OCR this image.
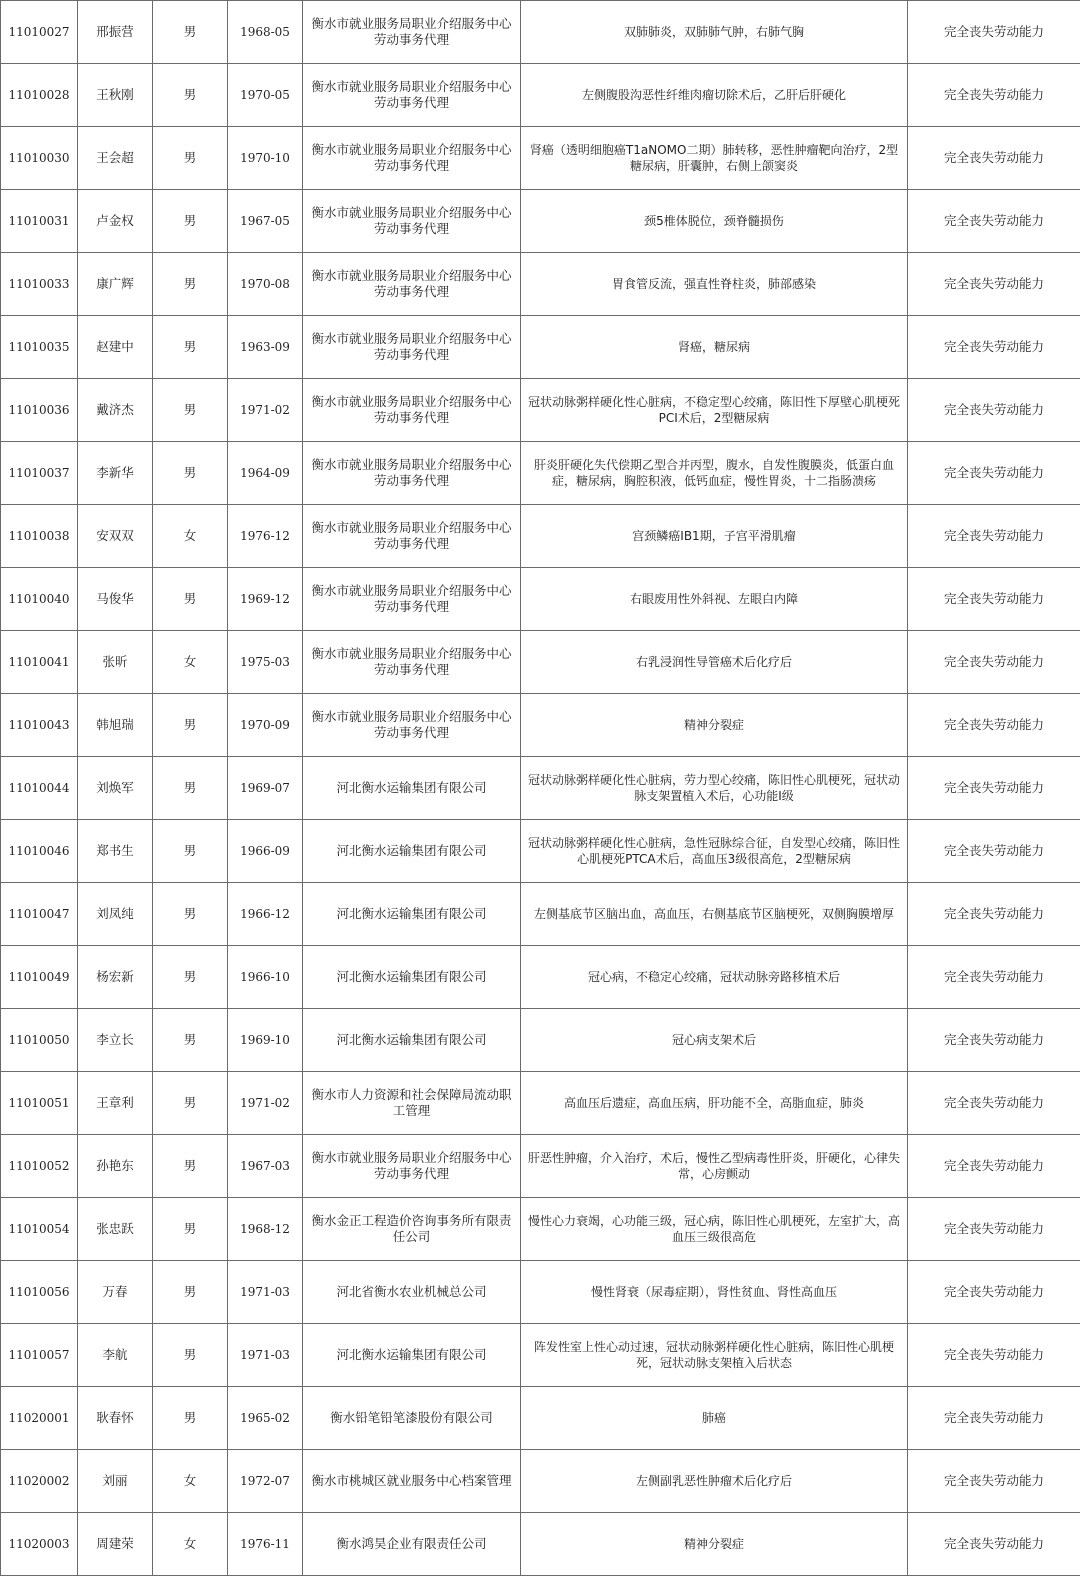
11010027	邢振营	男	1968-05	衡水市就业服务局职业介绍服务中心劳动事务代理	双肺肺炎，双肺肺气肿，右肺气胸	完全丧失劳动能力
11010028	王秋刚	男	1970-05	衡水市就业服务局职业介绍服务中心劳动事务代理	左侧腹股沟恶性纤维肉瘤切除术后，乙肝后肝硬化	完全丧失劳动能力
11010030	王会超	男	1970-10	衡水市就业服务局职业介绍服务中心劳动事务代理	肾癌（透明细胞癌T1aNOMO二期）肺转移，恶性肿瘤靶向治疗，2型糖尿病，肝囊肿，右侧上颌窦炎	完全丧失劳动能力
11010031	卢金权	男	1967-05	衡水市就业服务局职业介绍服务中心劳动事务代理	颈5椎体脱位，颈脊髓损伤	完全丧失劳动能力
11010033	康广辉	男	1970-08	衡水市就业服务局职业介绍服务中心劳动事务代理	胃食管反流，强直性脊柱炎，肺部感染	完全丧失劳动能力
11010035	赵建中	男	1963-09	衡水市就业服务局职业介绍服务中心劳动事务代理	肾癌，糖尿病	完全丧失劳动能力
11010036	戴济杰	男	1971-02	衡水市就业服务局职业介绍服务中心劳动事务代理	冠状动脉粥样硬化性心脏病，不稳定型心绞痛，陈旧性下厚壁心肌梗死PCI术后，2型糖尿病	完全丧失劳动能力
11010037	李新华	男	1964-09	衡水市就业服务局职业介绍服务中心劳动事务代理	肝炎肝硬化失代偿期乙型合并丙型，腹水，自发性腹膜炎，低蛋白血症，糖尿病，胸腔积液，低钙血症，慢性胃炎，十二指肠溃疡	完全丧失劳动能力
11010038	安双双	女	1976-12	衡水市就业服务局职业介绍服务中心劳动事务代理	宫颈鳞癌IB1期，子宫平滑肌瘤	完全丧失劳动能力
11010040	马俊华	男	1969-12	衡水市就业服务局职业介绍服务中心劳动事务代理	右眼废用性外斜视、左眼白内障	完全丧失劳动能力
11010041	张昕	女	1975-03	衡水市就业服务局职业介绍服务中心劳动事务代理	右乳浸润性导管癌术后化疗后	完全丧失劳动能力
11010043	韩旭瑞	男	1970-09	衡水市就业服务局职业介绍服务中心劳动事务代理	精神分裂症	完全丧失劳动能力
11010044	刘焕军	男	1969-07	河北衡水运输集团有限公司	冠状动脉粥样硬化性心脏病，劳力型心绞痛，陈旧性心肌梗死，冠状动脉支架置植入术后，心功能Ⅰ级	完全丧失劳动能力
11010046	郑书生	男	1966-09	河北衡水运输集团有限公司	冠状动脉粥样硬化性心脏病，急性冠脉综合征，自发型心绞痛，陈旧性心肌梗死PTCA术后，高血压3级很高危，2型糖尿病	完全丧失劳动能力
11010047	刘凤纯	男	1966-12	河北衡水运输集团有限公司	左侧基底节区脑出血，高血压，右侧基底节区脑梗死，双侧胸膜增厚	完全丧失劳动能力
11010049	杨宏新	男	1966-10	河北衡水运输集团有限公司	冠心病，不稳定心绞痛，冠状动脉旁路移植术后	完全丧失劳动能力
11010050	李立长	男	1969-10	河北衡水运输集团有限公司	冠心病支架术后	完全丧失劳动能力
11010051	王章利	男	1971-02	衡水市人力资源和社会保障局流动职工管理	高血压后遗症，高血压病，肝功能不全，高脂血症，肺炎	完全丧失劳动能力
11010052	孙艳东	男	1967-03	衡水市就业服务局职业介绍服务中心劳动事务代理	肝恶性肿瘤，介入治疗，术后，慢性乙型病毒性肝炎，肝硬化，心律失常，心房颤动	完全丧失劳动能力
11010054	张忠跃	男	1968-12	衡水金正工程造价咨询事务所有限责任公司	慢性心力衰竭，心功能三级，冠心病，陈旧性心肌梗死，左室扩大，高血压三级很高危	完全丧失劳动能力
11010056	万春	男	1971-03	河北省衡水农业机械总公司	慢性肾衰（尿毒症期），肾性贫血、肾性高血压	完全丧失劳动能力
11010057	李航	男	1971-03	河北衡水运输集团有限公司	阵发性室上性心动过速，冠状动脉粥样硬化性心脏病，陈旧性心肌梗死，冠状动脉支架植入后状态	完全丧失劳动能力
11020001	耿春怀	男	1965-02	衡水铅笔铅笔漆股份有限公司	肺癌	完全丧失劳动能力
11020002	刘丽	女	1972-07	衡水市桃城区就业服务中心档案管理	左侧副乳恶性肿瘤术后化疗后	完全丧失劳动能力
11020003	周建荣	女	1976-11	衡水鸿昊企业有限责任公司	精神分裂症	完全丧失劳动能力
